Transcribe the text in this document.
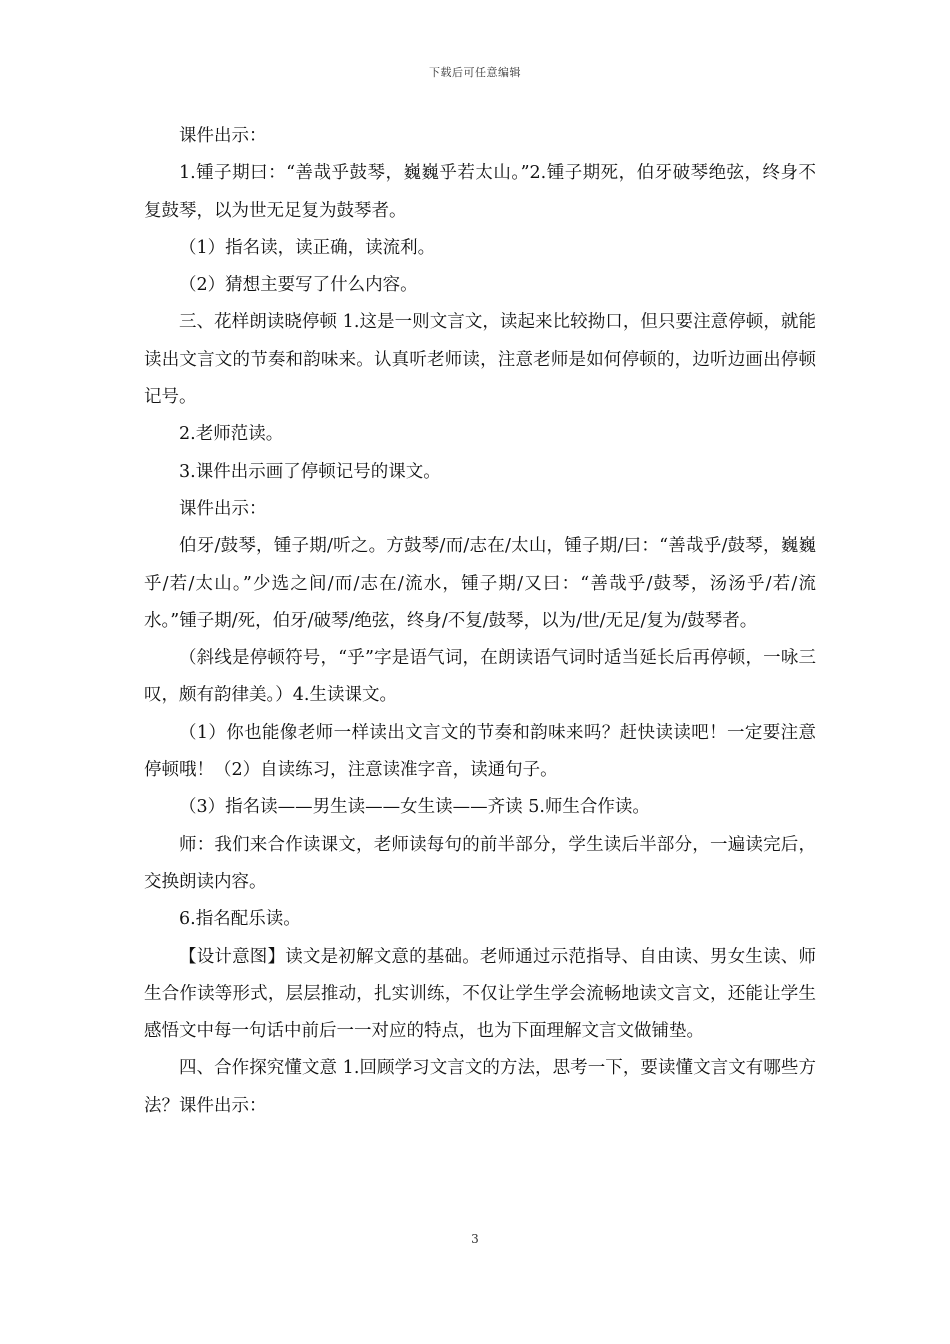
下载后可任意编辑

课件出示：

1.锺子期曰：“善哉乎鼓琴，巍巍乎若太山。”2.锺子期死，伯牙破琴绝弦，终身不复鼓琴，以为世无足复为鼓琴者。

（1）指名读，读正确，读流利。

（2）猜想主要写了什么内容。

三、花样朗读晓停顿 1.这是一则文言文，读起来比较拗口，但只要注意停顿，就能读出文言文的节奏和韵味来。认真听老师读，注意老师是如何停顿的，边听边画出停顿记号。

2.老师范读。

3.课件出示画了停顿记号的课文。

课件出示：

伯牙/鼓琴，锺子期/听之。方鼓琴/而/志在/太山，锺子期/曰：“善哉乎/鼓琴，巍巍乎/若/太山。”少选之间/而/志在/流水，锺子期/又曰：“善哉乎/鼓琴，汤汤乎/若/流水。”锺子期/死，伯牙/破琴/绝弦，终身/不复/鼓琴，以为/世/无足/复为/鼓琴者。

（斜线是停顿符号，“乎”字是语气词，在朗读语气词时适当延长后再停顿，一咏三叹，颇有韵律美。）4.生读课文。

（1）你也能像老师一样读出文言文的节奏和韵味来吗？赶快读读吧！一定要注意停顿哦！（2）自读练习，注意读准字音，读通句子。

（3）指名读——男生读——女生读——齐读 5.师生合作读。

师：我们来合作读课文，老师读每句的前半部分，学生读后半部分，一遍读完后，交换朗读内容。

6.指名配乐读。

【设计意图】读文是初解文意的基础。老师通过示范指导、自由读、男女生读、师生合作读等形式，层层推动，扎实训练，不仅让学生学会流畅地读文言文，还能让学生感悟文中每一句话中前后一一对应的特点，也为下面理解文言文做铺垫。

四、合作探究懂文意 1.回顾学习文言文的方法，思考一下，要读懂文言文有哪些方法？课件出示：

3
